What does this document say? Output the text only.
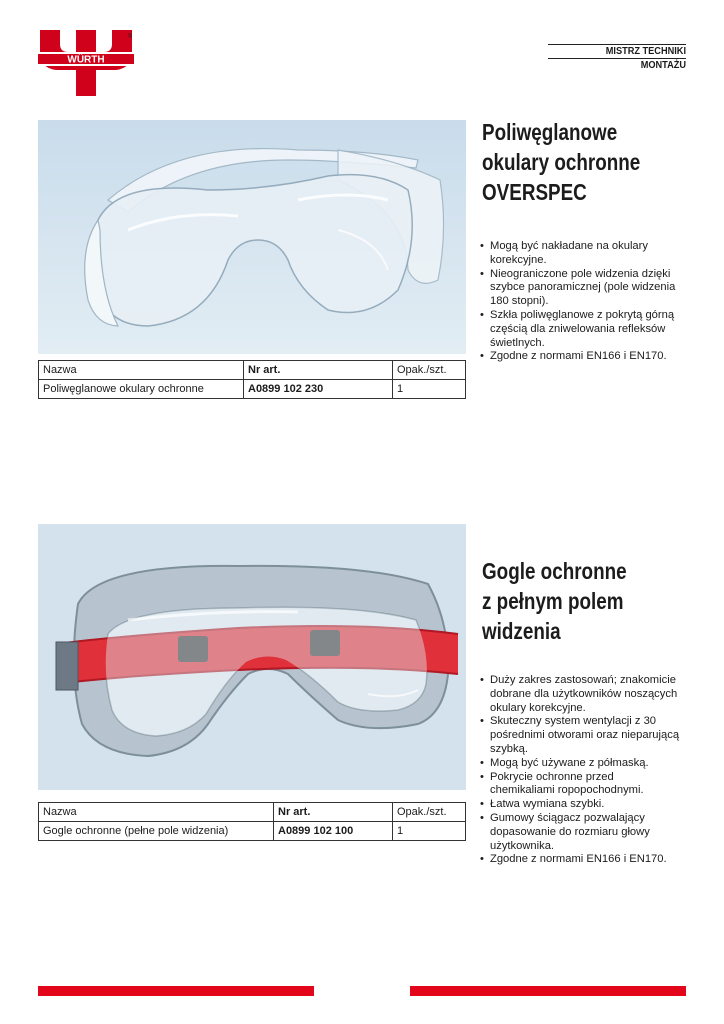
WÜRTH
®
MISTRZ TECHNIKI
MONTAŻU
Poliwęglanowe
okulary ochronne
OVERSPEC
• Mogą być nakładane na okulary korekcyjne.
• Nieograniczone pole widzenia dzięki szybce panoramicznej (pole widzenia 180 stopni).
• Szkła poliwęglanowe z pokrytą górną częścią dla zniwelowania refleksów świetlnych.
• Zgodne z normami EN166 i EN170.
Nazwa	Nr art.	Opak./szt.
Poliwęglanowe okulary ochronne	A0899 102 230	1
Gogle ochronne
z pełnym polem
widzenia
• Duży zakres zastosowań; znakomicie dobrane dla użytkowników noszących okulary korekcyjne.
• Skuteczny system wentylacji z 30 pośrednimi otworami oraz nieparującą szybką.
• Mogą być używane z półmaską.
• Pokrycie ochronne przed chemikaliami ropopochodnymi.
• Łatwa wymiana szybki.
• Gumowy ściągacz pozwalający dopasowanie do rozmiaru głowy użytkownika.
• Zgodne z normami EN166 i EN170.
Nazwa	Nr art.	Opak./szt.
Gogle ochronne (pełne pole widzenia)	A0899 102 100	1
